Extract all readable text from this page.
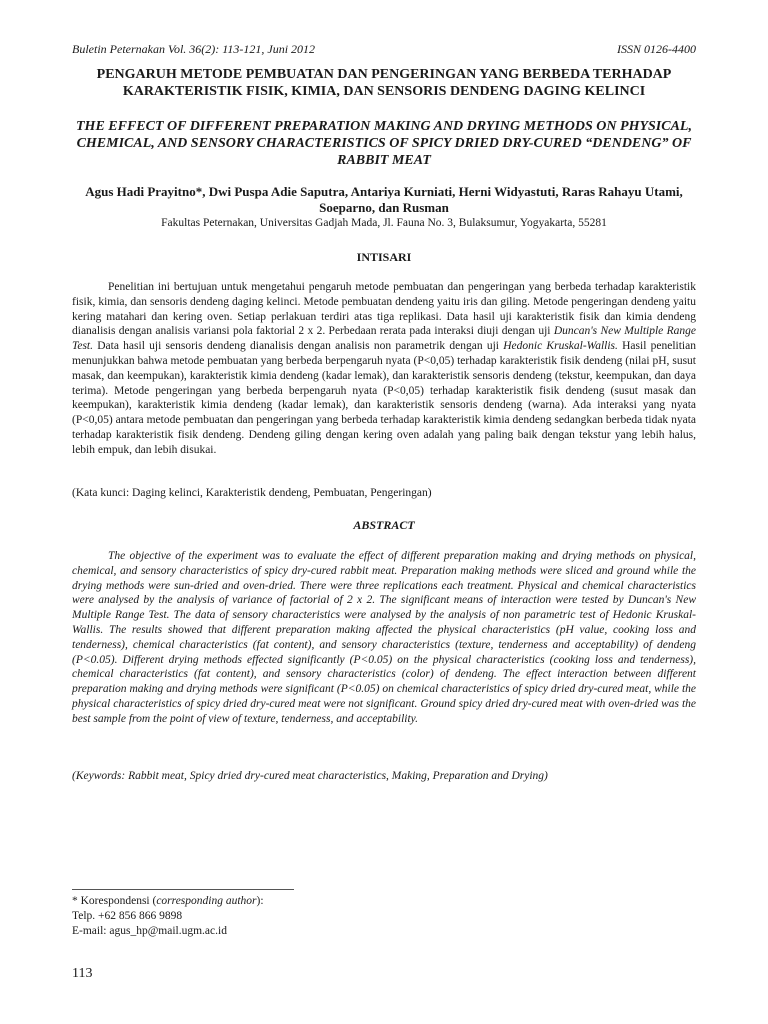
Buletin Peternakan Vol. 36(2): 113-121, Juni 2012	ISSN 0126-4400
PENGARUH METODE PEMBUATAN DAN PENGERINGAN YANG BERBEDA TERHADAP KARAKTERISTIK FISIK, KIMIA, DAN SENSORIS DENDENG DAGING KELINCI
THE EFFECT OF DIFFERENT PREPARATION MAKING AND DRYING METHODS ON PHYSICAL, CHEMICAL, AND SENSORY CHARACTERISTICS OF SPICY DRIED DRY-CURED “DENDENG” OF RABBIT MEAT
Agus Hadi Prayitno*, Dwi Puspa Adie Saputra, Antariya Kurniati, Herni Widyastuti, Raras Rahayu Utami, Soeparno, dan Rusman
Fakultas Peternakan, Universitas Gadjah Mada, Jl. Fauna No. 3, Bulaksumur, Yogyakarta, 55281
INTISARI

Penelitian ini bertujuan untuk mengetahui pengaruh metode pembuatan dan pengeringan yang berbeda terhadap karakteristik fisik, kimia, dan sensoris dendeng daging kelinci. Metode pembuatan dendeng yaitu iris dan giling. Metode pengeringan dendeng yaitu kering matahari dan kering oven. Setiap perlakuan terdiri atas tiga replikasi. Data hasil uji karakteristik fisik dan kimia dendeng dianalisis dengan analisis variansi pola faktorial 2 x 2. Perbedaan rerata pada interaksi diuji dengan uji Duncan's New Multiple Range Test. Data hasil uji sensoris dendeng dianalisis dengan analisis non parametrik dengan uji Hedonic Kruskal-Wallis. Hasil penelitian menunjukkan bahwa metode pembuatan yang berbeda berpengaruh nyata (P<0,05) terhadap karakteristik fisik dendeng (nilai pH, susut masak, dan keempukan), karakteristik kimia dendeng (kadar lemak), dan karakteristik sensoris dendeng (tekstur, keempukan, dan daya terima). Metode pengeringan yang berbeda berpengaruh nyata (P<0,05) terhadap karakteristik fisik dendeng (susut masak dan keempukan), karakteristik kimia dendeng (kadar lemak), dan karakteristik sensoris dendeng (warna). Ada interaksi yang nyata (P<0,05) antara metode pembuatan dan pengeringan yang berbeda terhadap karakteristik kimia dendeng sedangkan berbeda tidak nyata terhadap karakteristik fisik dendeng. Dendeng giling dengan kering oven adalah yang paling baik dengan tekstur yang lebih halus, lebih empuk, dan lebih disukai.

(Kata kunci: Daging kelinci, Karakteristik dendeng, Pembuatan, Pengeringan)

ABSTRACT

The objective of the experiment was to evaluate the effect of different preparation making and drying methods on physical, chemical, and sensory characteristics of spicy dry-cured rabbit meat. Preparation making methods were sliced and ground while the drying methods were sun-dried and oven-dried. There were three replications each treatment. Physical and chemical characteristics were analysed by the analysis of variance of factorial of 2 x 2. The significant means of interaction were tested by Duncan's New Multiple Range Test. The data of sensory characteristics were analysed by the analysis of non parametric test of Hedonic Kruskal-Wallis. The results showed that different preparation making affected the physical characteristics (pH value, cooking loss and tenderness), chemical characteristics (fat content), and sensory characteristics (texture, tenderness and acceptability) of dendeng (P<0.05). Different drying methods effected significantly (P<0.05) on the physical characteristics (cooking loss and tenderness), chemical characteristics (fat content), and sensory characteristics (color) of dendeng. The effect interaction between different preparation making and drying methods were significant (P<0.05) on chemical characteristics of spicy dried dry-cured meat, while the physical characteristics of spicy dried dry-cured meat were not significant. Ground spicy dried dry-cured meat with oven-dried was the best sample from the point of view of texture, tenderness, and acceptability.

(Keywords: Rabbit meat, Spicy dried dry-cured meat characteristics, Making, Preparation and Drying)

* Korespondensi (corresponding author):
Telp. +62 856 866 9898
E-mail: agus_hp@mail.ugm.ac.id
113
